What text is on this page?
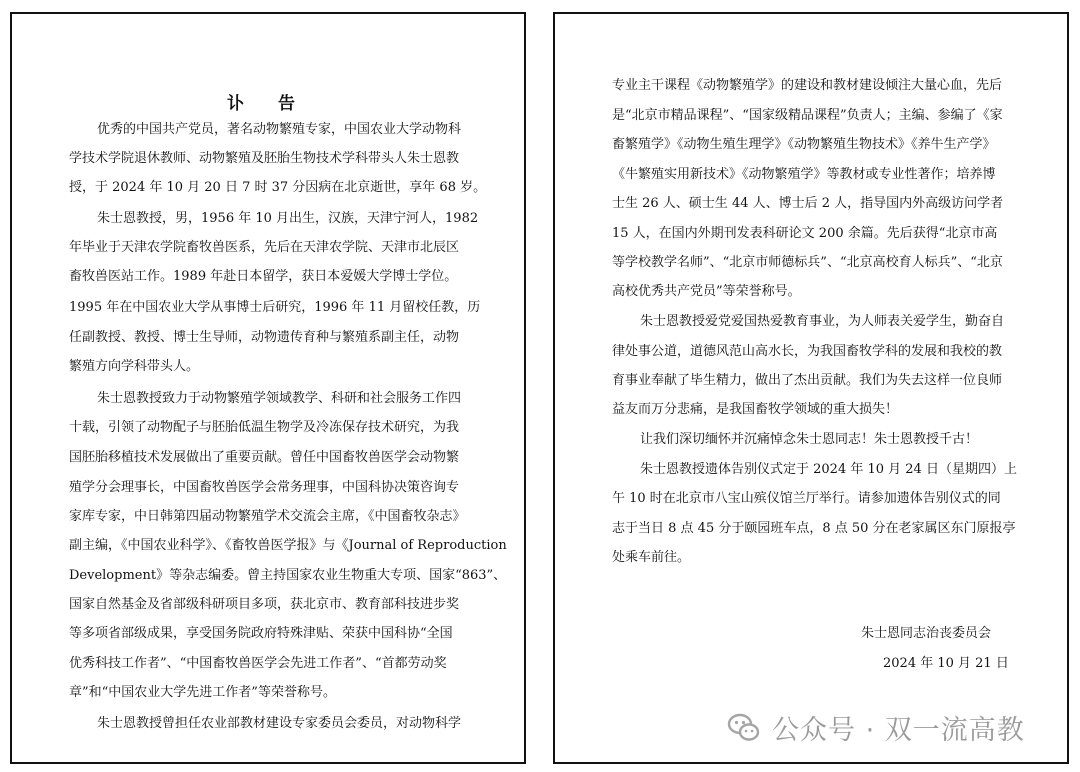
讣 告
优秀的中国共产党员，著名动物繁殖专家，中国农业大学动物科
学技术学院退休教师、动物繁殖及胚胎生物技术学科带头人朱士恩教
授，于 2024 年 10 月 20 日 7 时 37 分因病在北京逝世，享年 68 岁。
朱士恩教授，男，1956 年 10 月出生，汉族，天津宁河人，1982
年毕业于天津农学院畜牧兽医系，先后在天津农学院、天津市北辰区
畜牧兽医站工作。1989 年赴日本留学，获日本爱媛大学博士学位。
1995 年在中国农业大学从事博士后研究，1996 年 11 月留校任教，历
任副教授、教授、博士生导师，动物遗传育种与繁殖系副主任，动物
繁殖方向学科带头人。
朱士恩教授致力于动物繁殖学领域教学、科研和社会服务工作四
十载，引领了动物配子与胚胎低温生物学及冷冻保存技术研究，为我
国胚胎移植技术发展做出了重要贡献。曾任中国畜牧兽医学会动物繁
殖学分会理事长，中国畜牧兽医学会常务理事，中国科协决策咨询专
家库专家，中日韩第四届动物繁殖学术交流会主席，《中国畜牧杂志》
副主编，《中国农业科学》、《畜牧兽医学报》与《Journal of Reproduction
Development》等杂志编委。曾主持国家农业生物重大专项、国家“863”、
国家自然基金及省部级科研项目多项，获北京市、教育部科技进步奖
等多项省部级成果，享受国务院政府特殊津贴、荣获中国科协“全国
优秀科技工作者”、“中国畜牧兽医学会先进工作者”、“首都劳动奖
章”和“中国农业大学先进工作者”等荣誉称号。
朱士恩教授曾担任农业部教材建设专家委员会委员，对动物科学
朱士恩同志治丧委员会
2024 年 10 月 21 日
专业主干课程《动物繁殖学》的建设和教材建设倾注大量心血，先后
是“北京市精品课程”、“国家级精品课程”负责人；主编、参编了《家
畜繁殖学》《动物生殖生理学》《动物繁殖生物技术》《养牛生产学》
《牛繁殖实用新技术》《动物繁殖学》等教材或专业性著作；培养博
士生 26 人、硕士生 44 人、博士后 2 人，指导国内外高级访问学者
15 人，在国内外期刊发表科研论文 200 余篇。先后获得“北京市高
等学校教学名师”、“北京市师德标兵”、“北京高校育人标兵”、“北京
高校优秀共产党员”等荣誉称号。
朱士恩教授爱党爱国热爱教育事业，为人师表关爱学生，勤奋自
律处事公道，道德风范山高水长，为我国畜牧学科的发展和我校的教
育事业奉献了毕生精力，做出了杰出贡献。我们为失去这样一位良师
益友而万分悲痛，是我国畜牧学领域的重大损失！
让我们深切缅怀并沉痛悼念朱士恩同志！朱士恩教授千古！
朱士恩教授遗体告别仪式定于 2024 年 10 月 24 日（星期四）上
午 10 时在北京市八宝山殡仪馆兰厅举行。请参加遗体告别仪式的同
志于当日 8 点 45 分于颐园班车点，8 点 50 分在老家属区东门原报亭
处乘车前往。
公众号 · 双一流高教
